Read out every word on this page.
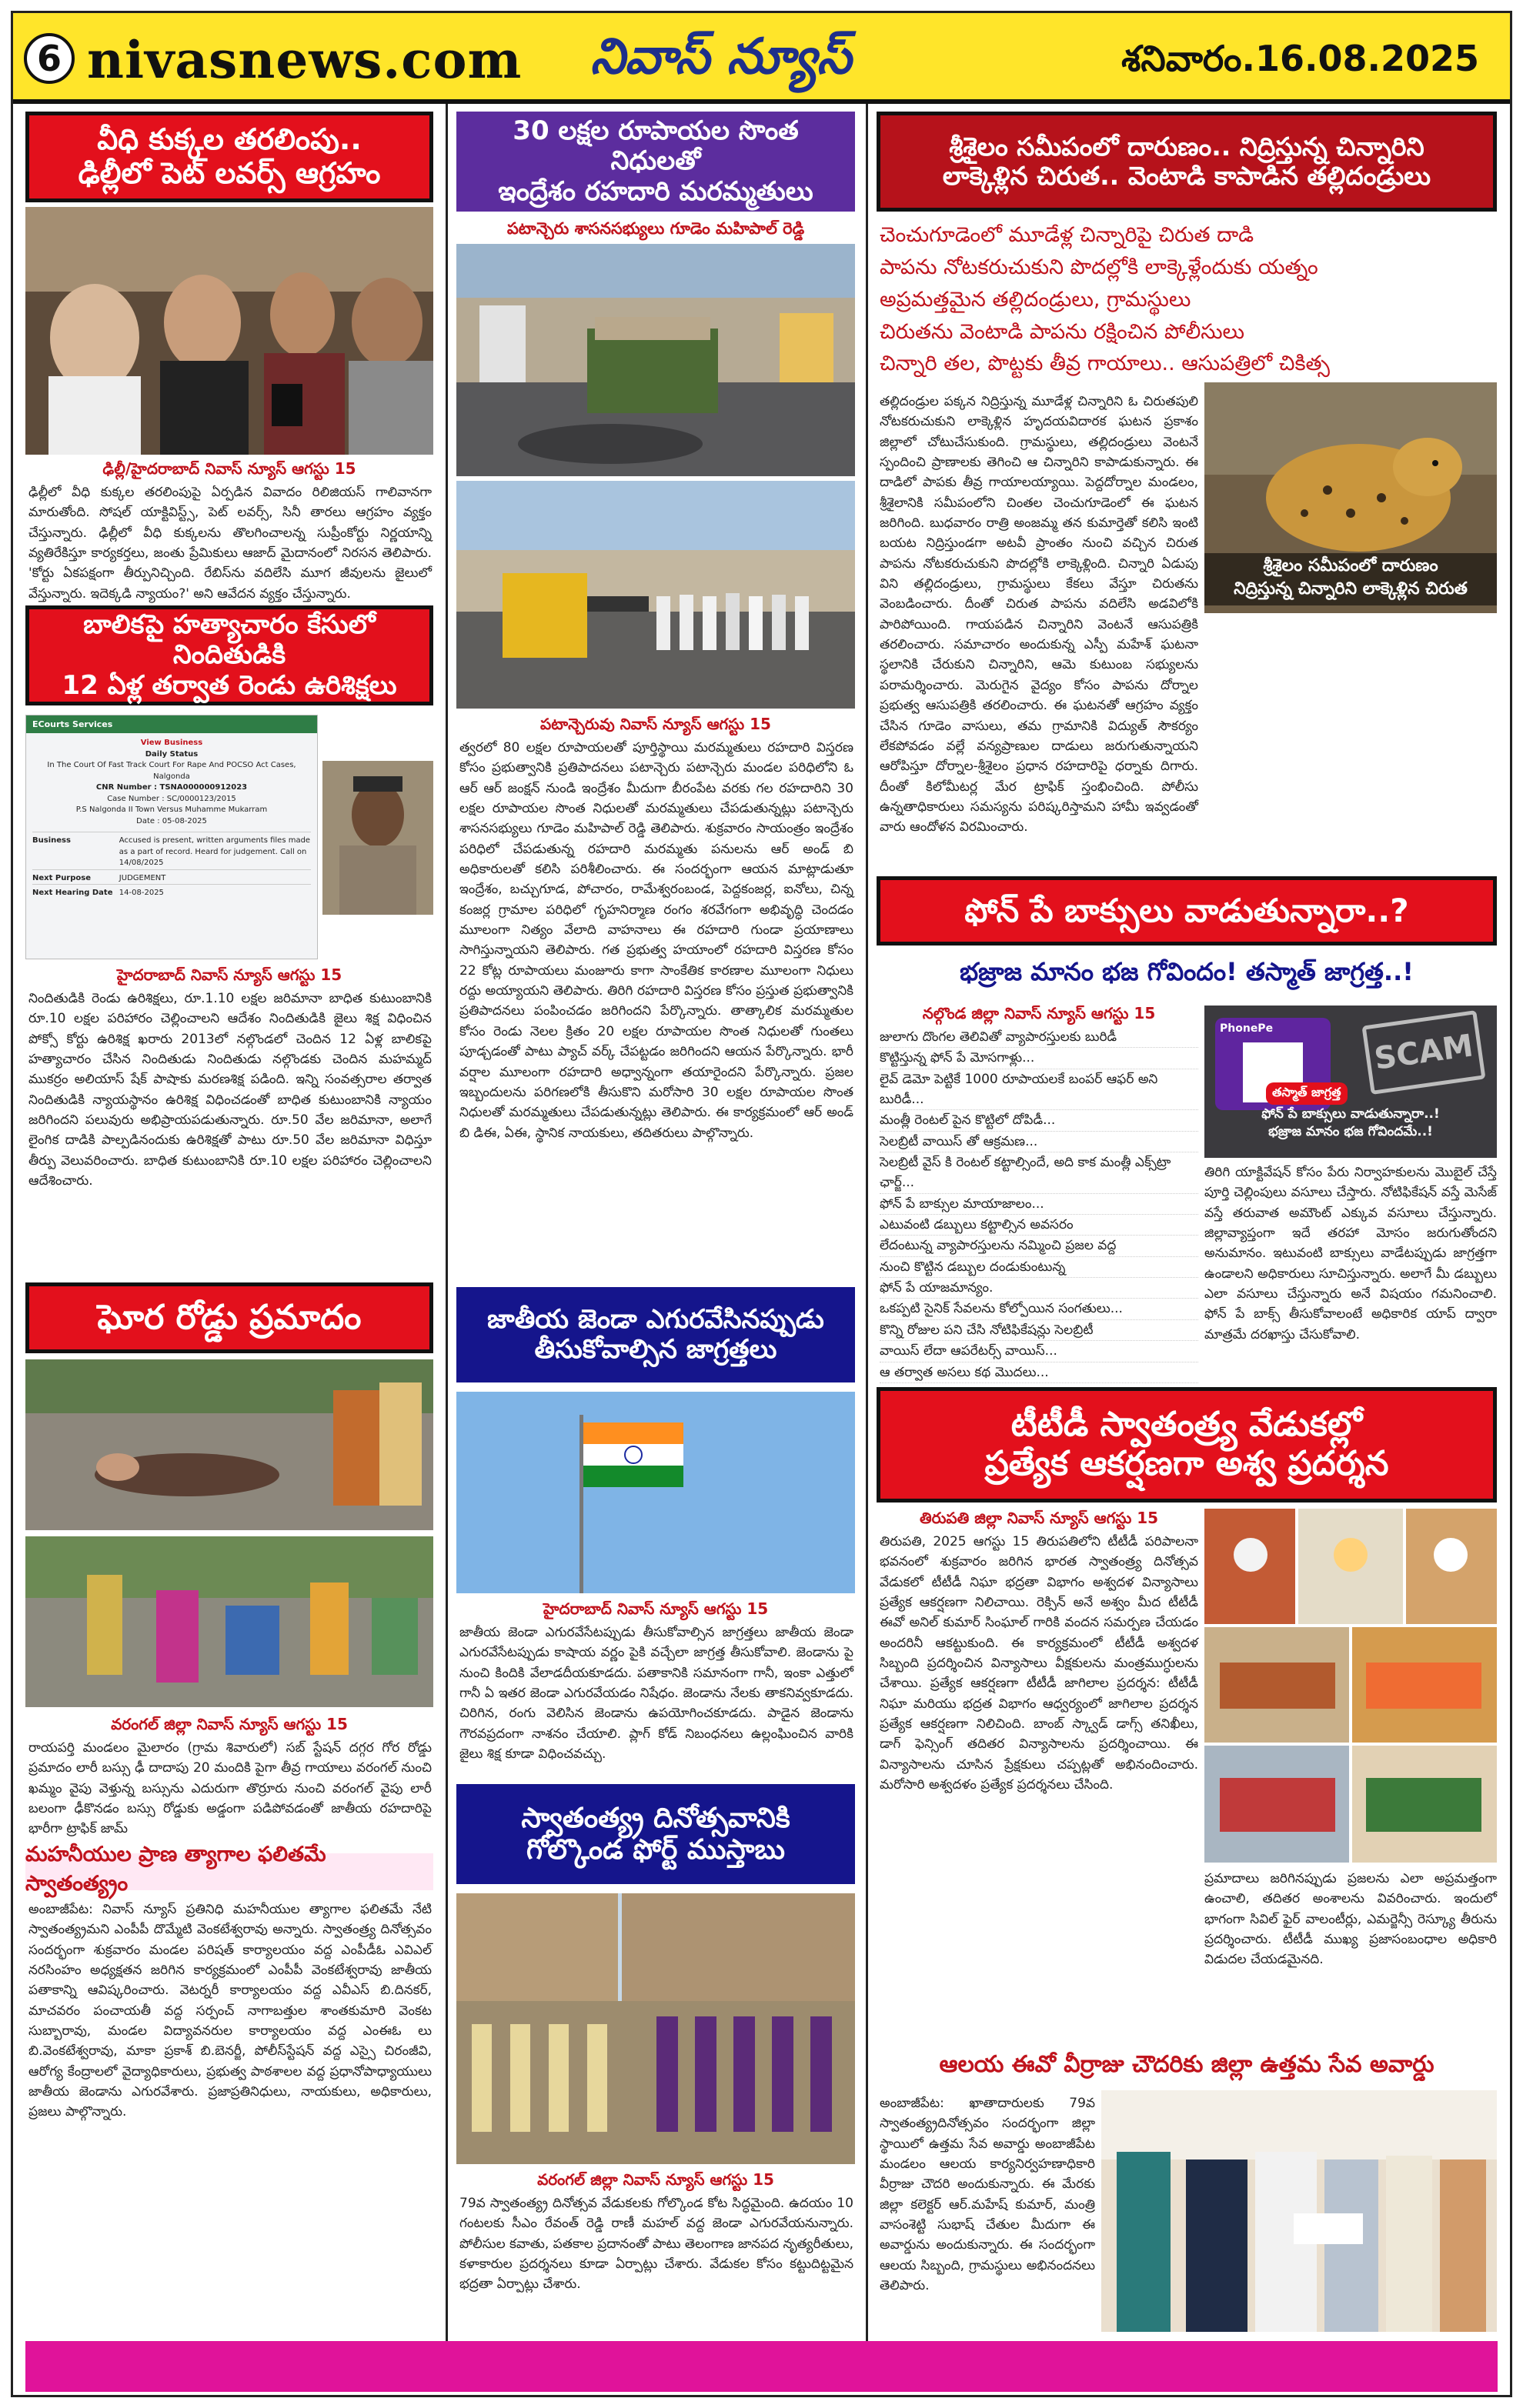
6 nivasnews.com నివాస్ న్యూస్	శనివారం.16.08.2025
వీధి కుక్కల తరలింపు..
ఢిల్లీలో పెట్ లవర్స్ ఆగ్రహం
ఢిల్లీ/హైదరాబాద్ నివాస్ న్యూస్ ఆగస్టు 15
ఢిల్లీలో వీధి కుక్కల తరలింపుపై ఏర్పడిన వివాదం రిలిజియస్ గాలివానగా మారుతోంది. సోషల్ యాక్టివిస్ట్స్, పెట్ లవర్స్, సినీ తారలు ఆగ్రహం వ్యక్తం చేస్తున్నారు. ఢిల్లీలో వీధి కుక్కలను తొలగించాలన్న సుప్రీంకోర్టు నిర్ణయాన్ని వ్యతిరేకిస్తూ కార్యకర్తలు, జంతు ప్రేమికులు ఆజాద్ మైదానంలో నిరసన తెలిపారు. 'కోర్టు ఏకపక్షంగా తీర్పునిచ్చింది. రేబిస్‌ను వదిలేసి మూగ జీవులను జైలులో వేస్తున్నారు. ఇదెక్కడి న్యాయం?' అని ఆవేదన వ్యక్తం చేస్తున్నారు.
బాలికపై హత్యాచారం కేసులో నిందితుడికి
12 ఏళ్ల తర్వాత రెండు ఉరిశిక్షలు
ECourts Services
View Business
Daily Status
In The Court Of Fast Track Court For Rape And POCSO Act Cases, Nalgonda
CNR Number : TSNA000000912023
Case Number : SC/0000123/2015
P.S Nalgonda II Town Versus Muhamme Mukarram
Date : 05-08-2025
Business	Accused is present, written arguments files made as a part of record. Heard for judgement. Call on 14/08/2025
Next Purpose	JUDGEMENT
Next Hearing Date 14-08-2025
హైదరాబాద్ నివాస్ న్యూస్ ఆగస్టు 15
నిందితుడికి రెండు ఉరిశిక్షలు, రూ.1.10 లక్షల జరిమానా బాధిత కుటుంబానికి రూ.10 లక్షల పరిహారం చెల్లించాలని ఆదేశం నిందితుడికి జైలు శిక్ష విధించిన పోక్సో కోర్టు ఉరిశిక్ష ఖరారు 2013లో నల్గొండలో చెందిన 12 ఏళ్ల బాలికపై హత్యాచారం చేసిన నిందితుడు నిందితుడు నల్గొండకు చెందిన మహమ్మద్ ముకర్రం అలియాస్ షేక్ పాషాకు మరణశిక్ష పడింది. ఇన్ని సంవత్సరాల తర్వాత నిందితుడికి న్యాయస్థానం ఉరిశిక్ష విధించడంతో బాధిత కుటుంబానికి న్యాయం జరిగిందని పలువురు అభిప్రాయపడుతున్నారు. రూ.50 వేల జరిమానా, అలాగే లైంగిక దాడికి పాల్పడినందుకు ఉరిశిక్షతో పాటు రూ.50 వేల జరిమానా విధిస్తూ తీర్పు వెలువరించారు. బాధిత కుటుంబానికి రూ.10 లక్షల పరిహారం చెల్లించాలని ఆదేశించారు.
ఘోర రోడ్డు ప్రమాదం
వరంగల్ జిల్లా నివాస్ న్యూస్ ఆగస్టు 15
రాయపర్తి మండలం మైలారం (గ్రామ శివారులో) సబ్ స్టేషన్ దగ్గర గోర రోడ్డు ప్రమాదం లారీ బస్సు ఢీ దాదాపు 20 మందికి పైగా తీవ్ర గాయాలు వరంగల్ నుంచి ఖమ్మం వైపు వెళ్తున్న బస్సును ఎదురుగా తొర్రూరు నుంచి వరంగల్ వైపు లారీ బలంగా ఢీకొనడం బస్సు రోడ్డుకు అడ్డంగా పడిపోవడంతో జాతీయ రహదారిపై భారీగా ట్రాఫిక్ జామ్
మహనీయుల ప్రాణ త్యాగాల ఫలితమే స్వాతంత్య్రం
అంబాజీపేట: నివాస్ న్యూస్ ప్రతినిధి మహనీయుల త్యాగాల ఫలితమే నేటి స్వాతంత్య్రమని ఎంపీపీ దొమ్మేటి వెంకటేశ్వరావు అన్నారు. స్వాతంత్ర్య దినోత్సవం సందర్భంగా శుక్రవారం మండల పరిషత్ కార్యాలయం వద్ద ఎంపీడీఓ ఎవిఎల్ నరసింహం అధ్యక్షతన జరిగిన కార్యక్రమంలో ఎంపీపీ వెంకటేశ్వరావు జాతీయ పతాకాన్ని ఆవిష్కరించారు. వెటర్నరీ కార్యాలయం వద్ద ఎవీఎస్ బి.దినకర్, మాచవరం పంచాయతీ వద్ద సర్పంచ్ నాగాబత్తుల శాంతకుమారి వెంకట సుబ్బారావు, మండల విద్యావనరుల కార్యాలయం వద్ద ఎంఈఓ లు బి.వెంకటేశ్వరావు, మాకా ప్రకాశ్ బి.బెనర్జీ, పోలీస్‌స్టేషన్ వద్ద ఎస్సై చిరంజీవి, ఆరోగ్య కేంద్రాలలో వైద్యాధికారులు, ప్రభుత్వ పాఠశాలల వద్ద ప్రధానోపాధ్యాయులు జాతీయ జెండాను ఎగురవేశారు. ప్రజాప్రతినిధులు, నాయకులు, అధికారులు, ప్రజలు పాల్గొన్నారు.
30 లక్షల రూపాయల సొంత నిధులతో
ఇంద్రేశం రహదారి మరమ్మతులు
పటాన్చెరు శాసనసభ్యులు గూడెం మహిపాల్ రెడ్డి
పటాన్చెరువు నివాస్ న్యూస్ ఆగస్టు 15
త్వరలో 80 లక్షల రూపాయలతో పూర్తిస్థాయి మరమ్మతులు రహదారి విస్తరణ కోసం ప్రభుత్వానికి ప్రతిపాదనలు పటాన్చెరు పటాన్చెరు మండల పరిధిలోని ఓ ఆర్ ఆర్ జంక్షన్ నుండి ఇంద్రేశం మీదుగా బీరంపేట వరకు గల రహదారిని 30 లక్షల రూపాయల సొంత నిధులతో మరమ్మతులు చేపడుతున్నట్లు పటాన్చెరు శాసనసభ్యులు గూడెం మహిపాల్ రెడ్డి తెలిపారు. శుక్రవారం సాయంత్రం ఇంద్రేశం పరిధిలో చేపడుతున్న రహదారి మరమ్మతు పనులను ఆర్ అండ్ బి అధికారులతో కలిసి పరిశీలించారు. ఈ సందర్భంగా ఆయన మాట్లాడుతూ ఇంద్రేశం, బచ్చుగూడ, పోచారం, రామేశ్వరంబండ, పెద్దకంజర్ల, ఐనోలు, చిన్న కంజర్ల గ్రామాల పరిధిలో గృహనిర్మాణ రంగం శరవేగంగా అభివృద్ధి చెందడం మూలంగా నిత్యం వేలాది వాహనాలు ఈ రహదారి గుండా ప్రయాణాలు సాగిస్తున్నాయని తెలిపారు. గత ప్రభుత్వ హయాంలో రహదారి విస్తరణ కోసం 22 కోట్ల రూపాయలు మంజూరు కాగా సాంకేతిక కారణాల మూలంగా నిధులు రద్దు అయ్యాయని తెలిపారు. తిరిగి రహదారి విస్తరణ కోసం ప్రస్తుత ప్రభుత్వానికి ప్రతిపాదనలు పంపించడం జరిగిందని పేర్కొన్నారు. తాత్కాలిక మరమ్మతుల కోసం రెండు నెలల క్రితం 20 లక్షల రూపాయల సొంత నిధులతో గుంతలు పూడ్చడంతో పాటు ప్యాచ్ వర్క్ చేపట్టడం జరిగిందని ఆయన పేర్కొన్నారు. భారీ వర్షాల మూలంగా రహదారి అధ్వాన్నంగా తయారైందని పేర్కొన్నారు. ప్రజల ఇబ్బందులను పరిగణలోకి తీసుకొని మరోసారి 30 లక్షల రూపాయల సొంత నిధులతో మరమ్మతులు చేపడుతున్నట్లు తెలిపారు. ఈ కార్యక్రమంలో ఆర్ అండ్ బి డిఈ, ఏఈ, స్థానిక నాయకులు, తదితరులు పాల్గొన్నారు.
జాతీయ జెండా ఎగురవేసినప్పుడు
తీసుకోవాల్సిన జాగ్రత్తలు
హైదరాబాద్ నివాస్ న్యూస్ ఆగస్టు 15
జాతీయ జెండా ఎగురవేసేటప్పుడు తీసుకోవాల్సిన జాగ్రత్తలు జాతీయ జెండా ఎగురవేసేటప్పుడు కాషాయ వర్ణం పైకి వచ్చేలా జాగ్రత్త తీసుకోవాలి. జెండాను పై నుంచి కిందికి వేలాడదీయకూడదు. పతాకానికి సమానంగా గానీ, ఇంకా ఎత్తులో గానీ ఏ ఇతర జెండా ఎగురవేయడం నిషేధం. జెండాను నేలకు తాకనివ్వకూడదు. చిరిగిన, రంగు వెలిసిన జెండాను ఉపయోగించకూడదు. పాడైన జెండాను గౌరవప్రదంగా నాశనం చేయాలి. ప్లాగ్ కోడ్ నిబంధనలు ఉల్లంఘించిన వారికి జైలు శిక్ష కూడా విధించవచ్చు.
స్వాతంత్య్ర దినోత్సవానికి
గోల్కొండ ఫోర్ట్ ముస్తాబు
వరంగల్ జిల్లా నివాస్ న్యూస్ ఆగస్టు 15
79వ స్వాతంత్య్ర దినోత్సవ వేడుకలకు గోల్కొండ కోట సిద్ధమైంది. ఉదయం 10 గంటలకు సీఎం రేవంత్ రెడ్డి రాణీ మహల్ వద్ద జెండా ఎగురవేయనున్నారు. పోలీసుల కవాతు, పతకాల ప్రదానంతో పాటు తెలంగాణ జానపద నృత్యరీతులు, కళాకారుల ప్రదర్శనలు కూడా ఏర్పాట్లు చేశారు. వేడుకల కోసం కట్టుదిట్టమైన భద్రతా ఏర్పాట్లు చేశారు.
శ్రీశైలం సమీపంలో దారుణం.. నిద్రిస్తున్న చిన్నారిని
లాక్కెళ్లిన చిరుత.. వెంటాడి కాపాడిన తల్లిదండ్రులు
చెంచుగూడెంలో మూడేళ్ల చిన్నారిపై చిరుత దాడి
పాపను నోటకరుచుకుని పొదల్లోకి లాక్కెళ్లేందుకు యత్నం
అప్రమత్తమైన తల్లిదండ్రులు, గ్రామస్థులు
చిరుతను వెంటాడి పాపను రక్షించిన పోలీసులు
చిన్నారి తల, పొట్టకు తీవ్ర గాయాలు.. ఆసుపత్రిలో చికిత్స
తల్లిదండ్రుల పక్కన నిద్రిస్తున్న మూడేళ్ల చిన్నారిని ఓ చిరుతపులి నోటకరుచుకుని లాక్కెళ్లిన హృదయవిదారక ఘటన ప్రకాశం జిల్లాలో చోటుచేసుకుంది. గ్రామస్థులు, తల్లిదండ్రులు వెంటనే స్పందించి ప్రాణాలకు తెగించి ఆ చిన్నారిని కాపాడుకున్నారు. ఈ దాడిలో పాపకు తీవ్ర గాయాలయ్యాయి. పెద్దదోర్నాల మండలం, శ్రీశైలానికి సమీపంలోని చింతల చెంచుగూడెంలో ఈ ఘటన జరిగింది. బుధవారం రాత్రి అంజమ్మ తన కుమార్తెతో కలిసి ఇంటి బయట నిద్రిస్తుండగా అటవీ ప్రాంతం నుంచి వచ్చిన చిరుత పాపను నోటకరుచుకుని పొదల్లోకి లాక్కెళ్లింది. చిన్నారి ఏడుపు విని తల్లిదండ్రులు, గ్రామస్థులు కేకలు వేస్తూ చిరుతను వెంబడించారు. దీంతో చిరుత పాపను వదిలేసి అడవిలోకి పారిపోయింది. గాయపడిన చిన్నారిని వెంటనే ఆసుపత్రికి తరలించారు. సమాచారం అందుకున్న ఎస్పీ మహేశ్ ఘటనా స్థలానికి చేరుకుని చిన్నారిని, ఆమె కుటుంబ సభ్యులను పరామర్శించారు. మెరుగైన వైద్యం కోసం పాపను దోర్నాల ప్రభుత్వ ఆసుపత్రికి తరలించారు. ఈ ఘటనతో ఆగ్రహం వ్యక్తం చేసిన గూడెం వాసులు, తమ గ్రామానికి విద్యుత్ సౌకర్యం లేకపోవడం వల్లే వన్యప్రాణుల దాడులు జరుగుతున్నాయని ఆరోపిస్తూ దోర్నాల-శ్రీశైలం ప్రధాన రహదారిపై ధర్నాకు దిగారు. దీంతో కిలోమీటర్ల మేర ట్రాఫిక్ స్తంభించింది. పోలీసు ఉన్నతాధికారులు సమస్యను పరిష్కరిస్తామని హామీ ఇవ్వడంతో వారు ఆందోళన విరమించారు.
శ్రీశైలం సమీపంలో దారుణం
నిద్రిస్తున్న చిన్నారిని లాక్కెళ్లిన చిరుత
ఫోన్ పే బాక్సులు వాడుతున్నారా..?
భజ్రాజ మానం భజ గోవిందం! తస్మాత్ జాగ్రత్త..!
నల్గొండ జిల్లా నివాస్ న్యూస్ ఆగస్టు 15
జులాగు దొంగల తెలివితో వ్యాపారస్తులకు బురిడీ
కొట్టిస్తున్న ఫోన్ పే మోసగాళ్లు...
లైవ్ డెమో పెట్టికే 1000 రూపాయలకే బంపర్ ఆఫర్ అని బురిడీ...
మంత్లీ రెంటల్ పైన కొట్టిలో దోపిడీ...
సెలబ్రిటీ వాయిస్ తో ఆక్రమణ...
సెలబ్రిటీ వైస్ కి రెంటల్ కట్టాల్సిందే, అది కాక మంత్లీ ఎక్స్‌ట్రా ఛార్జ్...
ఫోన్ పే బాక్సుల మాయాజాలం...
ఎటువంటి డబ్బులు కట్టాల్సిన అవసరం
లేదంటున్న వ్యాపారస్తులను నమ్మించి ప్రజల వద్ద
నుంచి కొట్టిన డబ్బుల దండుకుంటున్న
ఫోన్ పే యాజమాన్యం.
ఒకప్పటి సైనిక్ సేవలను కోల్పోయిన సంగతులు...
కొన్ని రోజుల పని చేసి నోటిఫికేషన్లు సెలబ్రిటీ
వాయిస్ లేదా ఆపరేటర్స్ వాయిస్...
ఆ తర్వాత అసలు కథ మొదలు...
PhonePe	SCAM
తస్మాత్ జాగ్రత్త
ఫోన్ పే బాక్సులు వాడుతున్నారా..!
భజ్రాజ మానం భజ గోవిందమే..!
తిరిగి యాక్టివేషన్ కోసం పేరు నిర్వాహకులను మొబైల్ చేస్తే పూర్తి చెల్లింపులు వసూలు చేస్తారు. నోటిఫికేషన్ వస్తే మెసేజ్ వస్తే తరువాత అమౌంట్ ఎక్కువ వసూలు చేస్తున్నారు. జిల్లావ్యాప్తంగా ఇదే తరహా మోసం జరుగుతోందని అనుమానం. ఇటువంటి బాక్సులు వాడేటప్పుడు జాగ్రత్తగా ఉండాలని అధికారులు సూచిస్తున్నారు. అలాగే మీ డబ్బులు ఎలా వసూలు చేస్తున్నారు అనే విషయం గమనించాలి. ఫోన్ పే బాక్స్ తీసుకోవాలంటే అధికారిక యాప్ ద్వారా మాత్రమే దరఖాస్తు చేసుకోవాలి.
టీటీడీ స్వాతంత్ర్య వేడుకల్లో
ప్రత్యేక ఆకర్షణగా అశ్వ ప్రదర్శన
తిరుపతి జిల్లా నివాస్ న్యూస్ ఆగస్టు 15
తిరుపతి, 2025 ఆగస్టు 15 తిరుపతిలోని టీటీడీ పరిపాలనా భవనంలో శుక్రవారం జరిగిన భారత స్వాతంత్ర్య దినోత్సవ వేడుకలో టీటీడీ నిఘా భద్రతా విభాగం అశ్వదళ విన్యాసాలు ప్రత్యేక ఆకర్షణగా నిలిచాయి. రెక్సిన్ అనే అశ్వం మీద టీటీడీ ఈవో అనిల్ కుమార్ సింఘాల్ గారికి వందన సమర్పణ చేయడం అందరినీ ఆకట్టుకుంది. ఈ కార్యక్రమంలో టీటీడీ అశ్వదళ సిబ్బంది ప్రదర్శించిన విన్యాసాలు వీక్షకులను మంత్రముగ్ధులను చేశాయి. ప్రత్యేక ఆకర్షణగా టీటీడీ జాగిలాల ప్రదర్శన: టీటీడీ నిఘా మరియు భద్రత విభాగం ఆధ్వర్యంలో జాగిలాల ప్రదర్శన ప్రత్యేక ఆకర్షణగా నిలిచింది. బాంబ్ స్క్వాడ్ డాగ్స్ తనిఖీలు, డాగ్ ఫెన్సింగ్ తదితర విన్యాసాలను ప్రదర్శించాయి. ఈ విన్యాసాలను చూసిన ప్రేక్షకులు చప్పట్లతో అభినందించారు. మరోసారి అశ్వదళం ప్రత్యేక ప్రదర్శనలు చేసింది.
ప్రమాదాలు జరిగినప్పుడు ప్రజలను ఎలా అప్రమత్తంగా ఉంచాలి, తదితర అంశాలను వివరించారు. ఇందులో భాగంగా సివిల్ ఫైర్ వాలంటీర్లు, ఎమర్జెన్సీ రెస్క్యూ తీరును ప్రదర్శించారు. టీటీడీ ముఖ్య ప్రజాసంబంధాల అధికారి విడుదల చేయడమైనది.
ఆలయ ఈవో వీర్రాజు చౌదరికు జిల్లా ఉత్తమ సేవ అవార్డు
అంబాజీపేట: ఖాతాదారులకు 79వ స్వాతంత్య్రదినోత్సవం సందర్భంగా జిల్లా స్థాయిలో ఉత్తమ సేవ అవార్డు అంబాజీపేట మండలం ఆలయ కార్యనిర్వహణాధికారి వీర్రాజు చౌదరి అందుకున్నారు. ఈ మేరకు జిల్లా కలెక్టర్ ఆర్.మహేష్ కుమార్, మంత్రి వాసంశెట్టి సుభాష్ చేతుల మీదుగా ఈ అవార్డును అందుకున్నారు. ఈ సందర్భంగా ఆలయ సిబ్బంది, గ్రామస్థులు అభినందనలు తెలిపారు.
